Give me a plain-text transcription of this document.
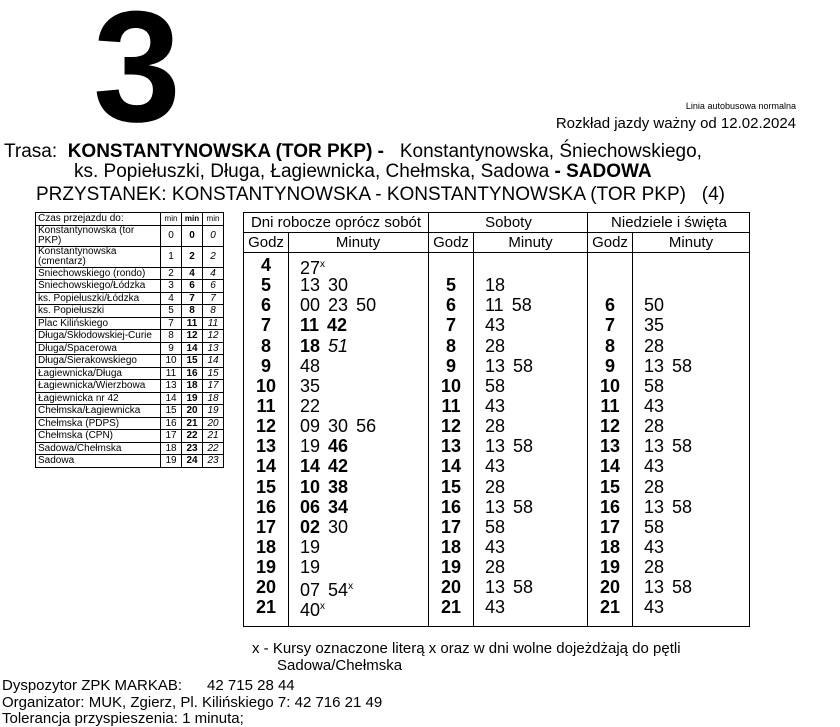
3	Linia autobusowa normalna
Rozkład jazdy ważny od 12.02.2024
Trasa: KONSTANTYNOWSKA (TOR PKP) - Konstantynowska, Śniechowskiego,
ks. Popiełuszki, Długa, Łagiewnicka, Chełmska, Sadowa - SADOWA
PRZYSTANEK: KONSTANTYNOWSKA - KONSTANTYNOWSKA (TOR PKP)   (4)
Czas przejazdu do:	min	min	min
Konstantynowska (tor PKP)	0	0	0
Konstantynowska (cmentarz)	1	2	2
Śniechowskiego (rondo)	2	4	4
Śniechowskiego/Łódzka	3	6	6
ks. Popiełuszki/Łódzka	4	7	7
ks. Popiełuszki	5	8	8
Plac Kilińskiego	7	11	11
Długa/Skłodowskiej-Curie	8	12	12
Długa/Spacerowa	9	14	13
Długa/Sierakowskiego	10	15	14
Łagiewnicka/Długa	11	16	15
Łagiewnicka/Wierzbowa	13	18	17
Łagiewnicka nr 42	14	19	18
Chełmska/Łagiewnicka	15	20	19
Chełmska (PDPS)	16	21	20
Chełmska (CPN)	17	22	21
Sadowa/Chełmska	18	23	22
Sadowa	19	24	23
Dni robocze oprócz sobót
Godz	Minuty
4	27$^x$
5	13 30
6	00 23 50
7	11 42
8	18 51
9	48
10	35
11	22
12	09 30 56
13	19 46
14	14 42
15	10 38
16	06 34
17	02 30
18	19
19	19
20	07 54$^x$
21	40$^x$
Soboty
Godz	Minuty
5	18
6	11 58
7	43
8	28
9	13 58
10	58
11	43
12	28
13	13 58
14	43
15	28
16	13 58
17	58
18	43
19	28
20	13 58
21	43
Niedziele i święta
Godz	Minuty
6	50
7	35
8	28
9	13 58
10	58
11	43
12	28
13	13 58
14	43
15	28
16	13 58
17	58
18	43
19	28
20	13 58
21	43
x - Kursy oznaczone literą x oraz w dni wolne dojeżdżają do pętli
Sadowa/Chełmska
Dyspozytor ZPK MARKAB:      42 715 28 44
Organizator: MUK, Zgierz, Pl. Kilińskiego 7: 42 716 21 49
Tolerancja przyspieszenia: 1 minuta;
